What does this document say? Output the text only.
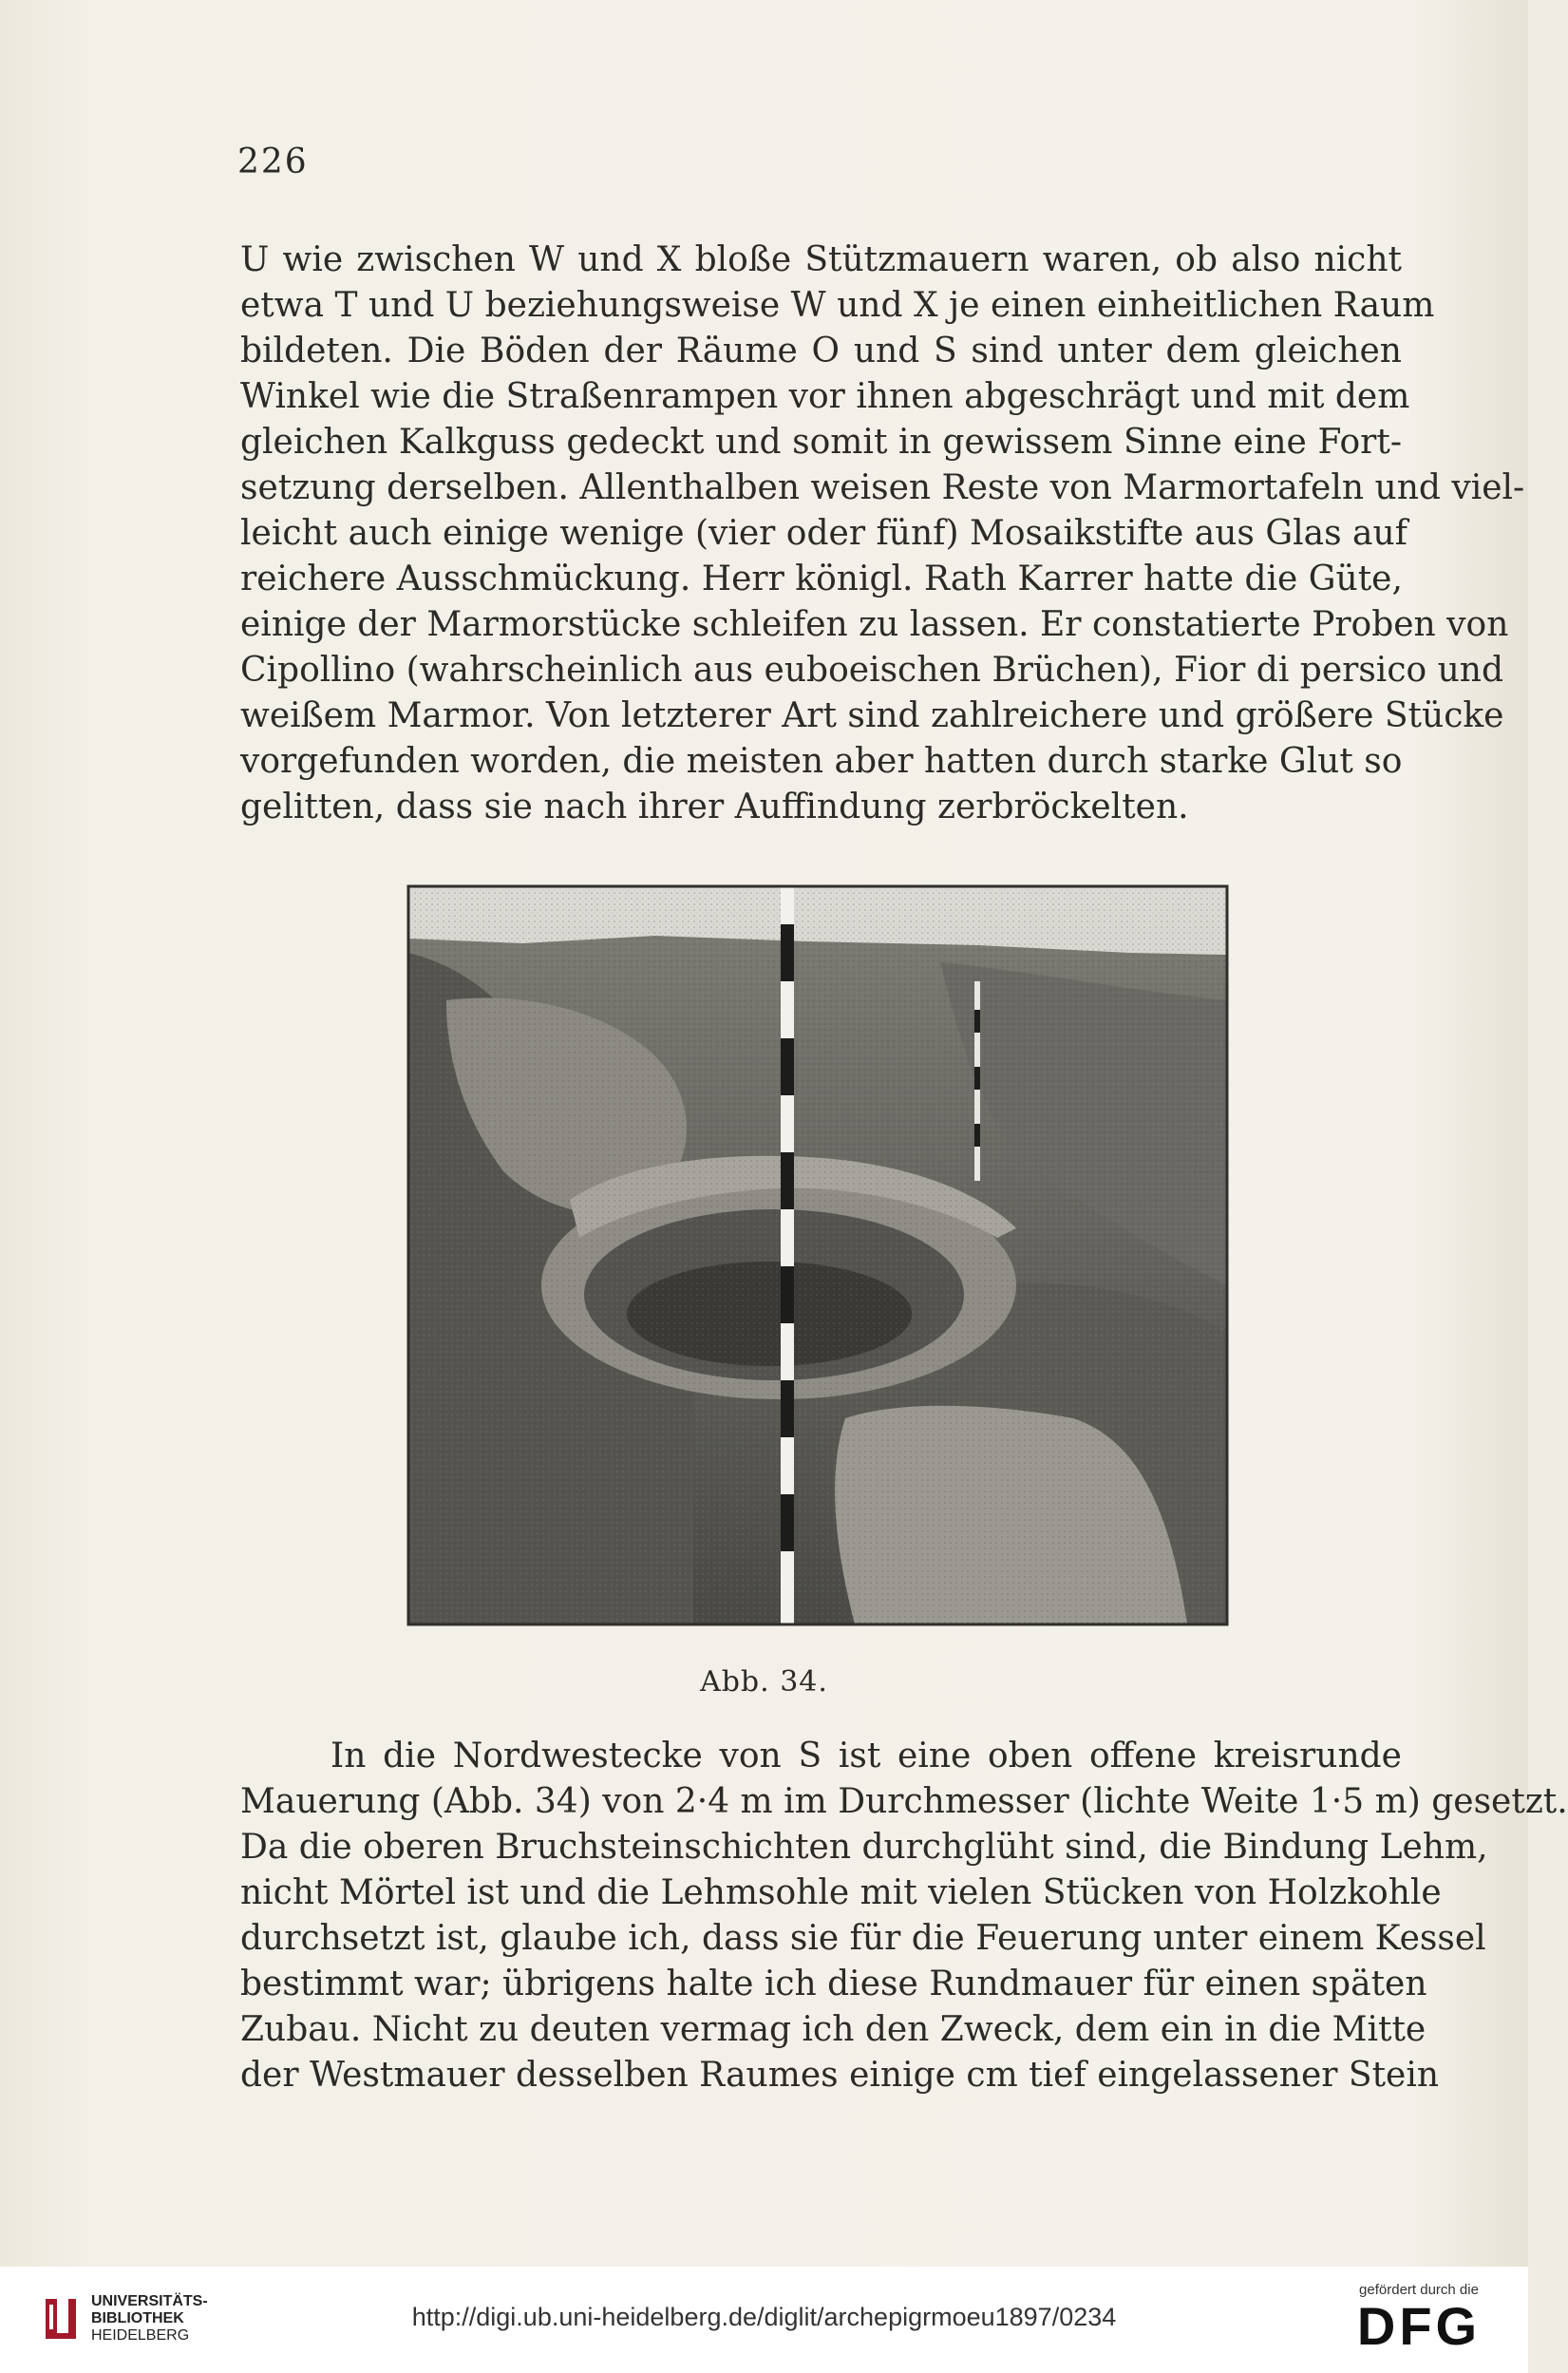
226
U wie zwischen W und X bloße Stützmauern waren, ob also nicht
etwa T und U beziehungsweise W und X je einen einheitlichen Raum
bildeten. Die Böden der Räume O und S sind unter dem gleichen
Winkel wie die Straßenrampen vor ihnen abgeschrägt und mit dem
gleichen Kalkguss gedeckt und somit in gewissem Sinne eine Fort-
setzung derselben. Allenthalben weisen Reste von Marmortafeln und viel-
leicht auch einige wenige (vier oder fünf) Mosaikstifte aus Glas auf
reichere Ausschmückung. Herr königl. Rath Karrer hatte die Güte,
einige der Marmorstücke schleifen zu lassen. Er constatierte Proben von
Cipollino (wahrscheinlich aus euboeischen Brüchen), Fior di persico und
weißem Marmor. Von letzterer Art sind zahlreichere und größere Stücke
vorgefunden worden, die meisten aber hatten durch starke Glut so
gelitten, dass sie nach ihrer Auffindung zerbröckelten.
Abb. 34.
In die Nordwestecke von S ist eine oben offene kreisrunde
Mauerung (Abb. 34) von 2·4 m im Durchmesser (lichte Weite 1·5 m) gesetzt.
Da die oberen Bruchsteinschichten durchglüht sind, die Bindung Lehm,
nicht Mörtel ist und die Lehmsohle mit vielen Stücken von Holzkohle
durchsetzt ist, glaube ich, dass sie für die Feuerung unter einem Kessel
bestimmt war; übrigens halte ich diese Rundmauer für einen späten
Zubau. Nicht zu deuten vermag ich den Zweck, dem ein in die Mitte
der Westmauer desselben Raumes einige cm tief eingelassener Stein
UNIVERSITÄTS-
BIBLIOTHEK
HEIDELBERG
http://digi.ub.uni-heidelberg.de/diglit/archepigrmoeu1897/0234
gefördert durch die
DFG
